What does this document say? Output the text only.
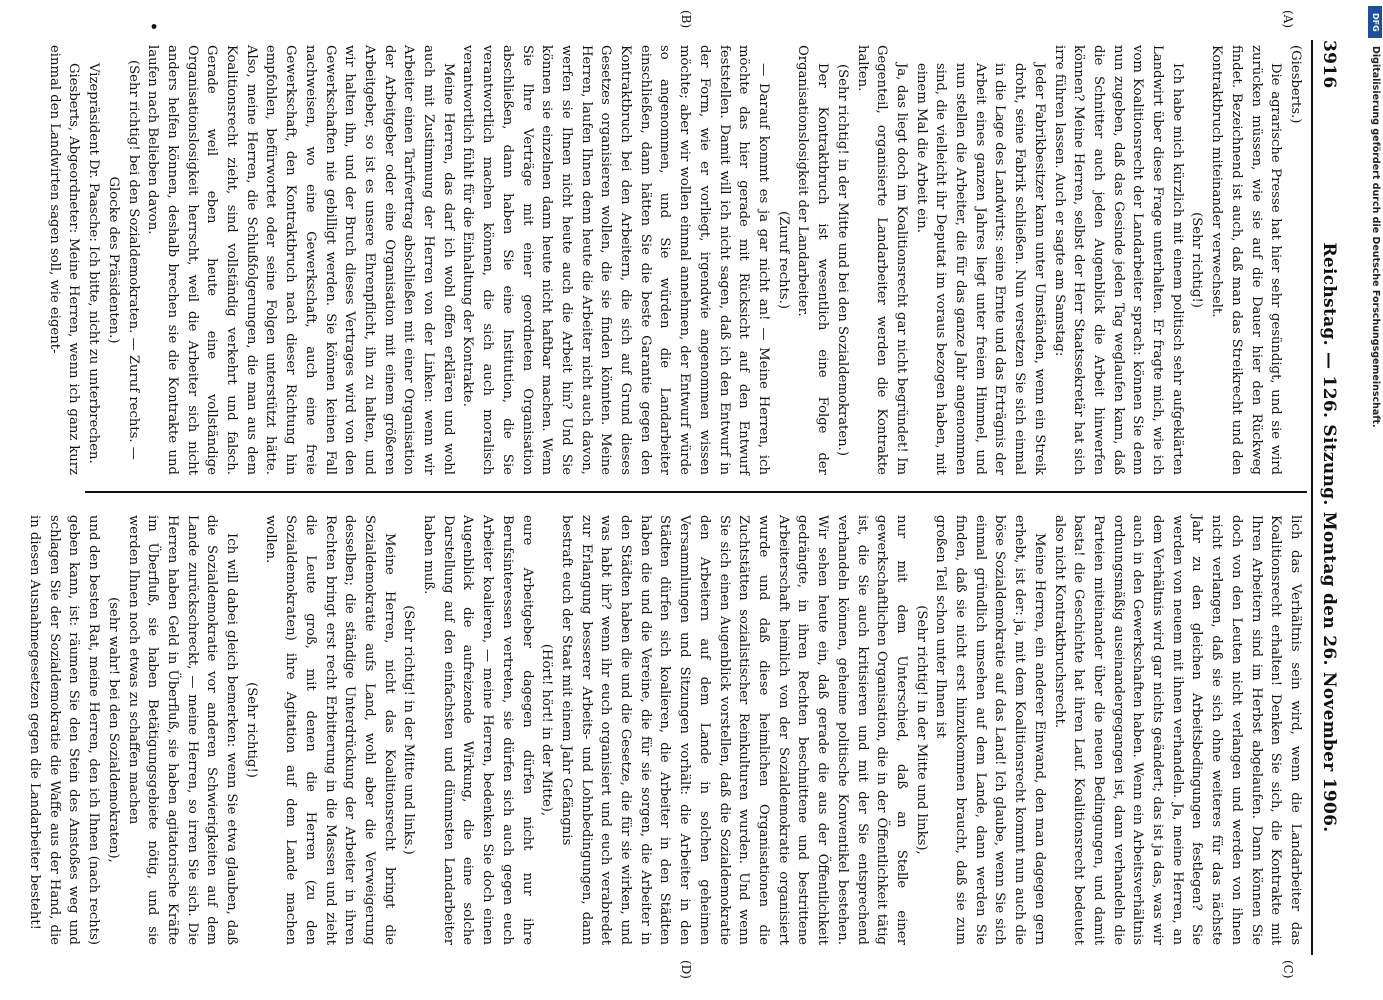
3916
Reichstag. — 126. Sitzung. Montag den 26. November 1906.
(A)
(B)
(C)
(D)
•

(Giesberts.)

Die agrarische Presse hat hier sehr gesündigt, und sie wird zurücken müssen, wie sie auf die Dauer hier den Rückweg findet. Bezeichnend ist auch, daß man das Streikrecht und den Kontraktbruch miteinander verwechselt.

(Sehr richtig!)

Ich habe mich kürzlich mit einem politisch sehr aufgeklärten Landwirt über diese Frage unterhalten. Er fragte mich, wie ich vom Koalitionsrecht der Landarbeiter sprach: können Sie denn nun zugeben, daß das Gesinde jeden Tag weglaufen kann, daß die Schnitter auch jeden Augenblick die Arbeit hinwerfen können? Meine Herren, selbst der Herr Staatssekretär hat sich irre führen lassen. Auch er sagte am Samstag:

Jeder Fabrikbesitzer kann unter Umständen, wenn ein Streik droht, seine Fabrik schließen. Nun versetzen Sie sich einmal in die Lage des Landwirts: seine Ernte und das Erträgnis der Arbeit eines ganzen Jahres liegt unter freiem Himmel, und nun stellen die Arbeiter, die für das ganze Jahr angenommen sind, die vielleicht ihr Deputat im voraus bezogen haben, mit einem Mal die Arbeit ein.

Ja, das liegt doch im Koalitionsrecht gar nicht begründet! Im Gegenteil, organisierte Landarbeiter werden die Kontrakte halten.

(Sehr richtig! in der Mitte und bei den Sozialdemokraten.)

Der Kontraktbruch ist wesentlich eine Folge der Organisationslosigkeit der Landarbeiter.

(Zuruf rechts.)

— Darauf kommt es ja gar nicht an! — Meine Herren, ich möchte das hier gerade mit Rücksicht auf den Entwurf feststellen. Damit will ich nicht sagen, daß ich den Entwurf in der Form, wie er vorliegt, irgendwie angenommen wissen möchte; aber wir wollen einmal annehmen, der Entwurf würde so angenommen, und Sie würden die Landarbeiter einschließen, dann hätten Sie die beste Garantie gegen den Kontraktbruch bei den Arbeitern, die sich auf Grund dieses Gesetzes organisieren wollen, die sie finden könnten. Meine Herren, laufen Ihnen denn heute die Arbeiter nicht auch davon, werfen sie Ihnen nicht heute auch die Arbeit hin? Und Sie können sie einzelnen dann heute nicht haftbar machen. Wenn Sie Ihre Verträge mit einer geordneten Organisation abschließen, dann haben Sie eine Institution, die Sie verantwortlich machen können, die sich auch moralisch verantwortlich fühlt für die Einhaltung der Kontrakte.

Meine Herren, das darf ich wohl offen erklären und wohl auch mit Zustimmung der Herren von der Linken: wenn wir Arbeiter einen Tarifvertrag abschließen mit einer Organisation der Arbeitgeber oder eine Organisation mit einem größeren Arbeitgeber, so ist es unsere Ehrenpflicht, ihn zu halten, und wir halten ihn, und der Bruch dieses Vertrages wird von den Gewerkschaften nie gebilligt werden. Sie können keinen Fall nachweisen, wo eine Gewerkschaft, auch eine freie Gewerkschaft, den Kontraktbruch nach dieser Richtung hin empfohlen, befürwortet oder seine Folgen unterstützt hätte. Also, meine Herren, die Schlußfolgerungen, die man aus dem Koalitionsrecht zieht, sind vollständig verkehrt und falsch. Gerade weil eben heute eine vollständige Organisationslosigkeit herrscht, weil die Arbeiter sich nicht anders helfen können, deshalb brechen sie die Kontrakte und laufen nach Belieben davon.

(Sehr richtig! bei den Sozialdemokraten. — Zuruf rechts. — Glocke des Präsidenten.)

Vizepräsident Dr. Paasche: Ich bitte, nicht zu unterbrechen.

Giesberts, Abgeordneter: Meine Herren, wenn ich ganz kurz einmal den Landwirten sagen soll, wie eigent-

lich das Verhältnis sein wird, wenn die Landarbeiter das Koalitionsrecht erhalten! Denken Sie sich, die Kontrakte mit Ihren Arbeitern sind im Herbst abgelaufen. Dann können Sie doch von den Leuten nicht verlangen und werden von ihnen nicht verlangen, daß sie sich ohne weiteres für das nächste Jahr zu den gleichen Arbeitsbedingungen festlegen? Sie werden von neuem mit ihnen verhandeln. Ja, meine Herren, an dem Verhältnis wird gar nichts geändert; das ist ja das, was wir auch in den Gewerkschaften haben. Wenn ein Arbeitsverhältnis ordnungsmäßig auseinandergegangen ist, dann verhandeln die Parteien miteinander über die neuen Bedingungen, und damit basta! die Geschichte hat ihren Lauf. Koalitionsrecht bedeutet also nicht Kontraktbruchsrecht.

Meine Herren, ein anderer Einwand, den man dagegen gern erhebt, ist der: ja, mit dem Koalitionsrecht kommt nun auch die böse Sozialdemokratie auf das Land! Ich glaube, wenn Sie sich einmal gründlich umsehen auf dem Lande, dann werden Sie finden, daß sie nicht erst hinzukommen braucht, daß sie zum großen Teil schon unter Ihnen ist

(Sehr richtig! in der Mitte und links),

nur mit dem Unterschied, daß an Stelle einer gewerkschaftlichen Organisation, die in der Öffentlichkeit tätig ist, die Sie auch kritisieren und mit der Sie entsprechend verhandeln können, geheime politische Konventikel bestehen. Wir sehen heute ein, daß gerade die aus der Öffentlichkeit gedrängte, in ihren Rechten beschnittene und bestrittene Arbeiterschaft heimlich von der Sozialdemokratie organisiert wurde und daß diese heimlichen Organisationen die Zuchtstätten sozialistischer Reinkulturen wurden. Und wenn Sie sich einen Augenblick vorstellen, daß die Sozialdemokratie den Arbeitern auf dem Lande in solchen geheimen Versammlungen und Sitzungen vorhält: die Arbeiter in den Städten dürfen sich koalieren, die Arbeiter in den Städten haben die und die Vereine, die für sie sorgen, die Arbeiter in den Städten haben die und die Gesetze, die für sie wirken, und was habt ihr? wenn ihr euch organisiert und euch verabredet zur Erlangung besserer Arbeits- und Lohnbedingungen, dann bestraft euch der Staat mit einem Jahr Gefängnis

(Hört! hört! in der Mitte),

eure Arbeitgeber dagegen dürfen nicht nur ihre Berufsinteressen vertreten, sie dürfen sich auch gegen euch Arbeiter koalieren, — meine Herren, bedenken Sie doch einen Augenblick die aufreizende Wirkung, die eine solche Darstellung auf den einfachsten und dümmsten Landarbeiter haben muß.

(Sehr richtig! in der Mitte und links.)

Meine Herren, nicht das Koalitionsrecht bringt die Sozialdemokratie aufs Land, wohl aber die Verweigerung desselben; die ständige Unterdrückung der Arbeiter in ihren Rechten bringt erst recht Erbitterung in die Massen und zieht die Leute groß, mit denen die Herren (zu den Sozialdemokraten) ihre Agitation auf dem Lande machen wollen.

(Sehr richtig!)

Ich will dabei gleich bemerken: wenn Sie etwa glauben, daß die Sozialdemokratie vor anderen Schwierigkeiten auf dem Lande zurückschreckt, — meine Herren, so irren Sie sich. Die Herren haben Geld in Überfluß, sie haben agitatorische Kräfte im Überfluß, sie haben Betätigungsgebiete nötig, und sie werden Ihnen noch etwas zu schaffen machen

(sehr wahr! bei den Sozialdemokraten),

und den besten Rat, meine Herren, den ich Ihnen (nach rechts) geben kann, ist: räumen Sie den Stein des Anstoßes weg und schlagen Sie der Sozialdemokratie die Waffe aus der Hand, die in diesen Ausnahmegesetzen gegen die Landarbeiter besteht!

DFG
Digitalisierung gefördert durch die Deutsche Forschungsgemeinschaft.
